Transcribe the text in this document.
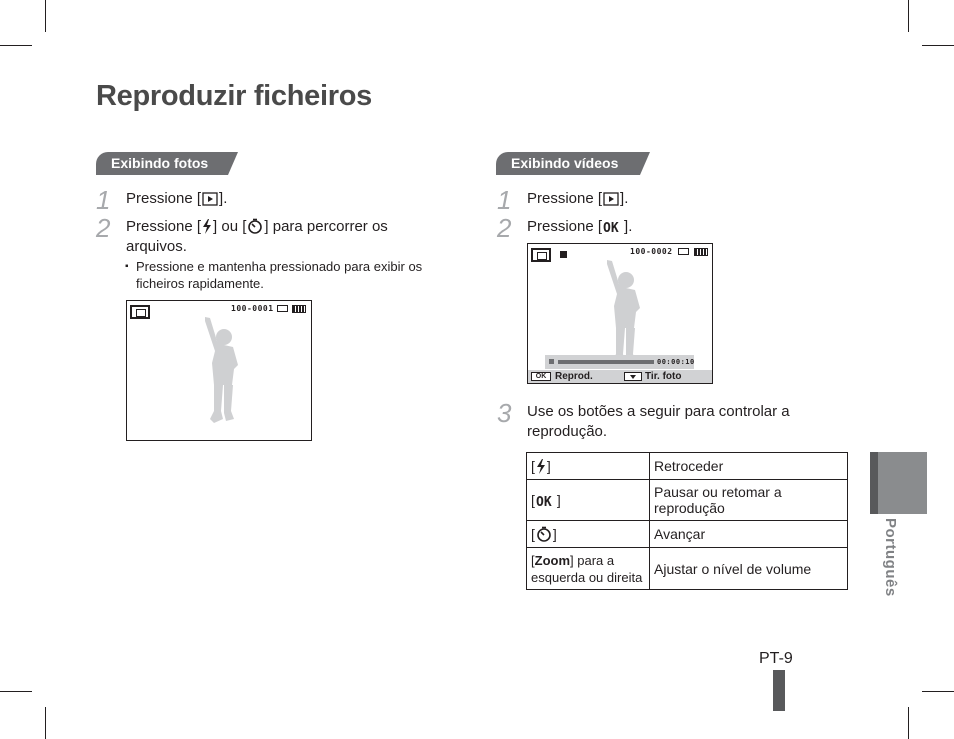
Reproduzir ficheiros
Exibindo fotos
1 Pressione [ ].
2 Pressione [ ] ou [ ] para percorrer os
arquivos.
▪ Pressione e mantenha pressionado para exibir os ficheiros rapidamente.
100-0001
Exibindo vídeos
1 Pressione [ ].
2 Pressione [ OK ].
100-0002
00:00:10
OK Reprod.	Tir. foto
3 Use os botões a seguir para controlar a reprodução.
[ ]	Retroceder
[ OK ]	Pausar ou retomar a reprodução
[ ]	Avançar
[Zoom] para a esquerda ou direita	Ajustar o nível de volume	Português
PT-9
